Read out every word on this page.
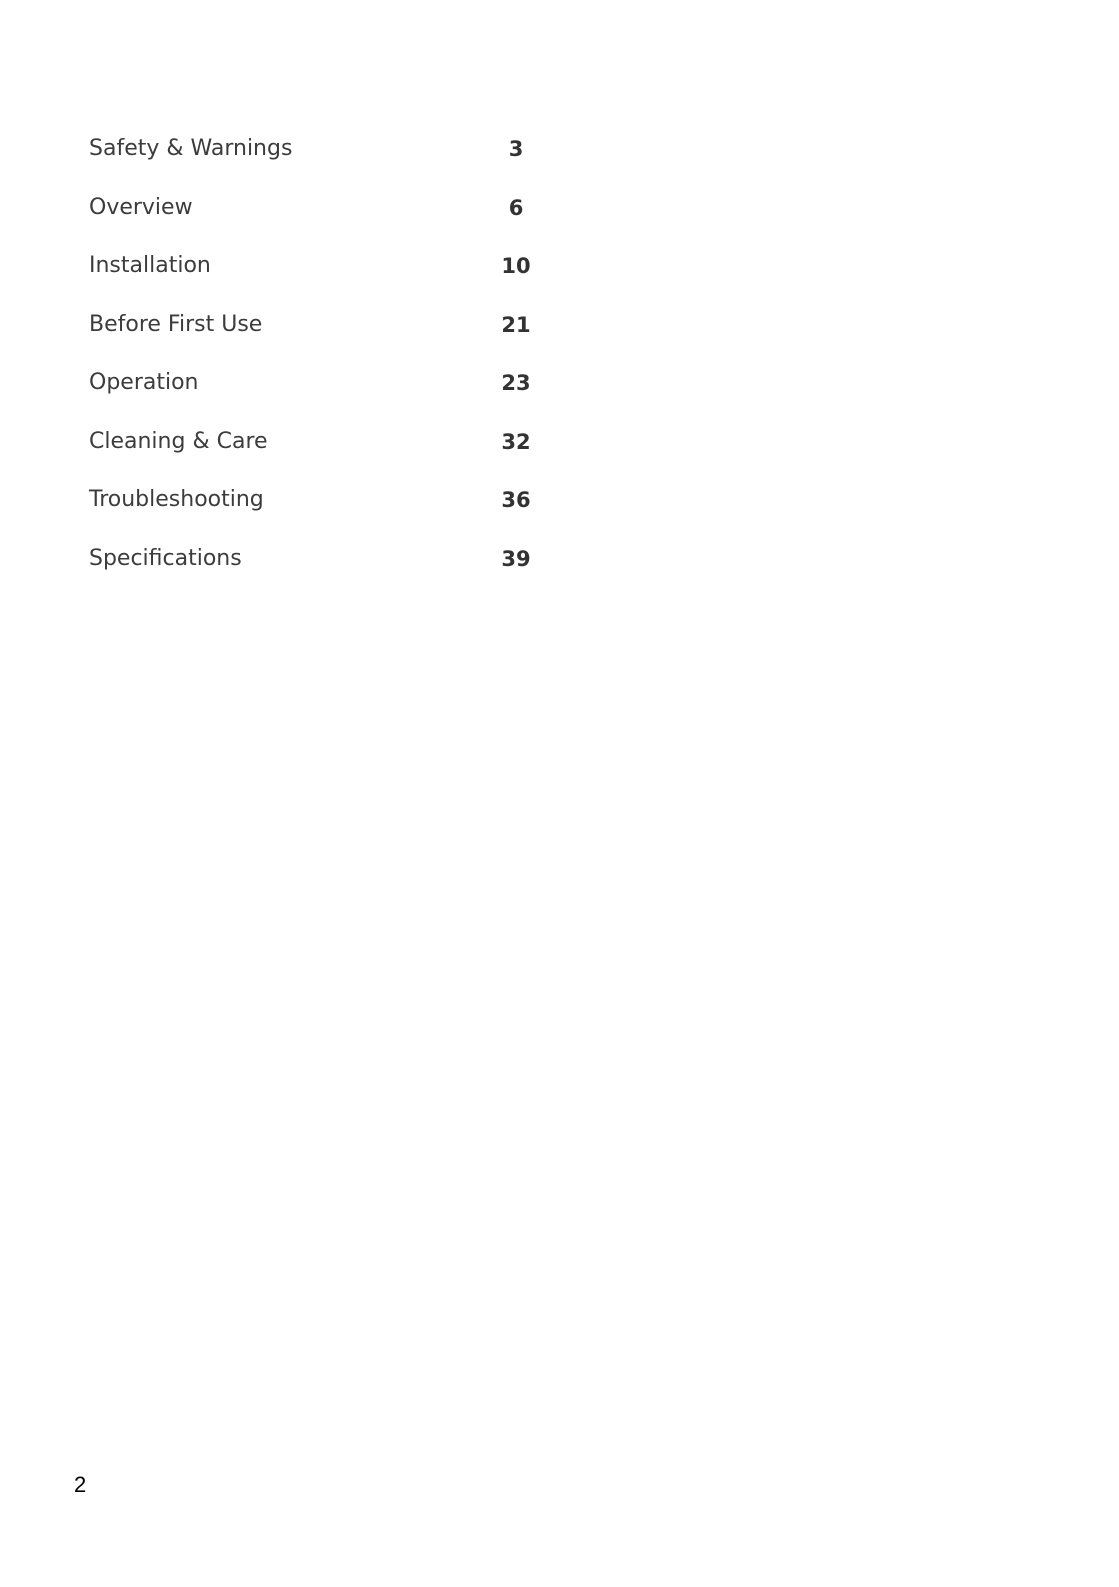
Safety & Warnings	3
Overview	6
Installation	10
Before First Use	21
Operation	23
Cleaning & Care	32
Troubleshooting	36
Specifications	39
2
